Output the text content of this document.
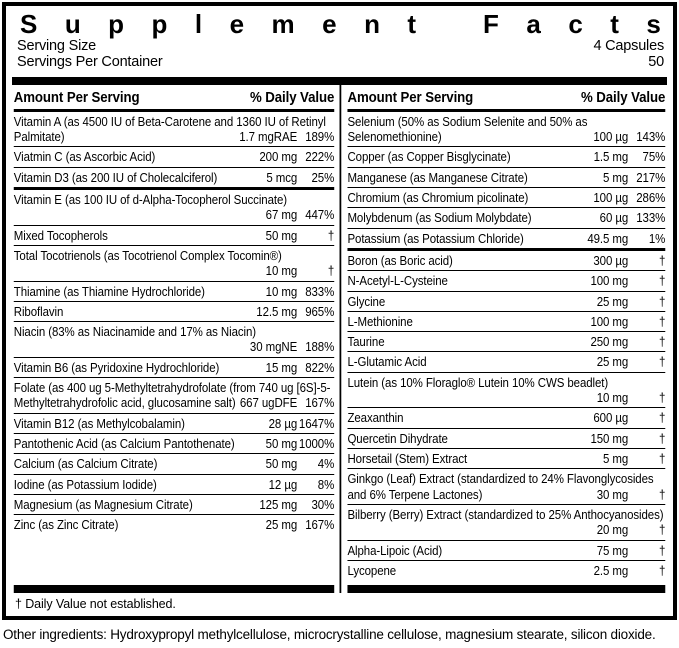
S u p p l e m e n t	F a c t s
Serving Size	4 Capsules
Servings Per Container	50
Amount Per Serving	% Daily Value
Vitamin A (as 4500 IU of Beta-Carotene and 1360 IU of Retinyl Palmitate)	1.7 mgRAE 189%
Viatmin C (as Ascorbic Acid)	200 mg 222%
Vitamin D3 (as 200 IU of Cholecalciferol)	5 mcg 25%
Vitamin E (as 100 IU of d-Alpha-Tocopherol Succinate)
67 mg 447%
Mixed Tocopherols	50 mg †
Total Tocotrienols (as Tocotrienol Complex Tocomin®)
10 mg †
Thiamine (as Thiamine Hydrochloride)	10 mg 833%
Riboflavin	12.5 mg 965%
Niacin (83% as Niacinamide and 17% as Niacin)
30 mgNE 188%
Vitamin B6 (as Pyridoxine Hydrochloride)	15 mg 822%
Folate (as 400 ug 5-Methyltetrahydrofolate (from 740 ug [6S]-5-Methyltetrahydrofolic acid, glucosamine salt) 667 ugDFE 167%
Vitamin B12 (as Methylcobalamin)	28 µg 1647%
Pantothenic Acid (as Calcium Pantothenate)	50 mg 1000%
Calcium (as Calcium Citrate)	50 mg 4%
Iodine (as Potassium Iodide)	12 µg 8%
Magnesium (as Magnesium Citrate)	125 mg 30%
Zinc (as Zinc Citrate)	25 mg 167%
Amount Per Serving	% Daily Value
Selenium (50% as Sodium Selenite and 50% as Selenomethionine)	100 µg 143%
Copper (as Copper Bisglycinate)	1.5 mg 75%
Manganese (as Manganese Citrate)	5 mg 217%
Chromium (as Chromium picolinate)	100 µg 286%
Molybdenum (as Sodium Molybdate)	60 µg 133%
Potassium (as Potassium Chloride)	49.5 mg 1%
Boron (as Boric acid)	300 µg †
N-Acetyl-L-Cysteine	100 mg †
Glycine	25 mg †
L-Methionine	100 mg †
Taurine	250 mg †
L-Glutamic Acid	25 mg †
Lutein (as 10% Floraglo® Lutein 10% CWS beadlet)
10 mg †
Zeaxanthin	600 µg †
Quercetin Dihydrate	150 mg †
Horsetail (Stem) Extract	5 mg †
Ginkgo (Leaf) Extract (standardized to 24% Flavonglycosides and 6% Terpene Lactones)	30 mg †
Bilberry (Berry) Extract (standardized to 25% Anthocyanosides)
20 mg †
Alpha-Lipoic (Acid)	75 mg †
Lycopene	2.5 mg †
† Daily Value not established.
Other ingredients: Hydroxypropyl methylcellulose, microcrystalline cellulose, magnesium stearate, silicon dioxide.
